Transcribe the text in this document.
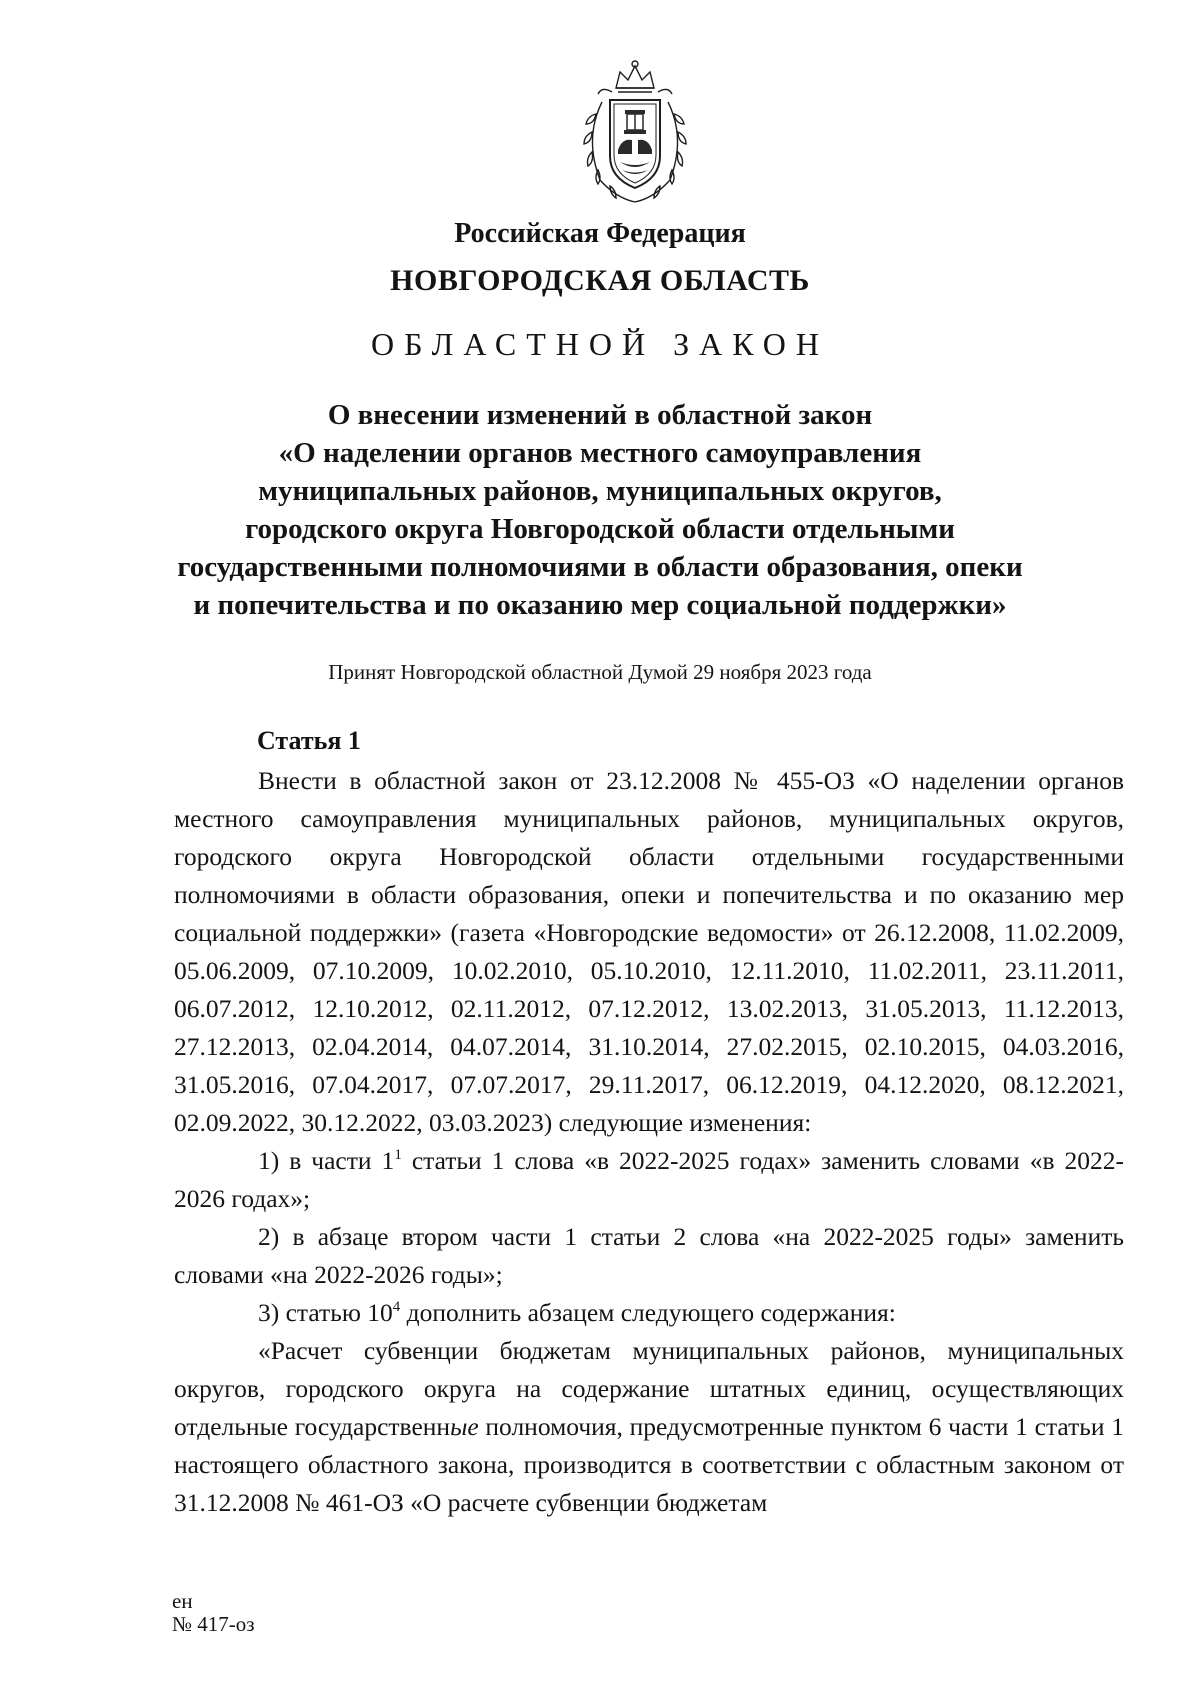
Российская Федерация
НОВГОРОДСКАЯ ОБЛАСТЬ
ОБЛАСТНОЙ ЗАКОН
О внесении изменений в областной закон
«О наделении органов местного самоуправления
муниципальных районов, муниципальных округов,
городского округа Новгородской области отдельными
государственными полномочиями в области образования, опеки
и попечительства и по оказанию мер социальной поддержки»
Принят Новгородской областной Думой 29 ноября 2023 года
Статья 1

Внести в областной закон от 23.12.2008 № 455-ОЗ «О наделении органов местного самоуправления муниципальных районов, муниципальных округов, городского округа Новгородской области отдельными государственными полномочиями в области образования, опеки и попечительства и по оказанию мер социальной поддержки» (газета «Новгородские ведомости» от 26.12.2008, 11.02.2009, 05.06.2009, 07.10.2009, 10.02.2010, 05.10.2010, 12.11.2010, 11.02.2011, 23.11.2011, 06.07.2012, 12.10.2012, 02.11.2012, 07.12.2012, 13.02.2013, 31.05.2013, 11.12.2013, 27.12.2013, 02.04.2014, 04.07.2014, 31.10.2014, 27.02.2015, 02.10.2015, 04.03.2016, 31.05.2016, 07.04.2017, 07.07.2017, 29.11.2017, 06.12.2019, 04.12.2020, 08.12.2021, 02.09.2022, 30.12.2022, 03.03.2023) следующие изменения:

1) в части $1^1$ статьи 1 слова «в 2022-2025 годах» заменить словами «в 2022-2026 годах»;

2) в абзаце втором части 1 статьи 2 слова «на 2022-2025 годы» заменить словами «на 2022-2026 годы»;

3) статью $10^4$ дополнить абзацем следующего содержания:

«Расчет субвенции бюджетам муниципальных районов, муниципальных округов, городского округа на содержание штатных единиц, осуществляющих отдельные государственные полномочия, предусмотренные пунктом 6 части 1 статьи 1 настоящего областного закона, производится в соответствии с областным законом от 31.12.2008 № 461-ОЗ «О расчете субвенции бюджетам

ен
№ 417-оз
